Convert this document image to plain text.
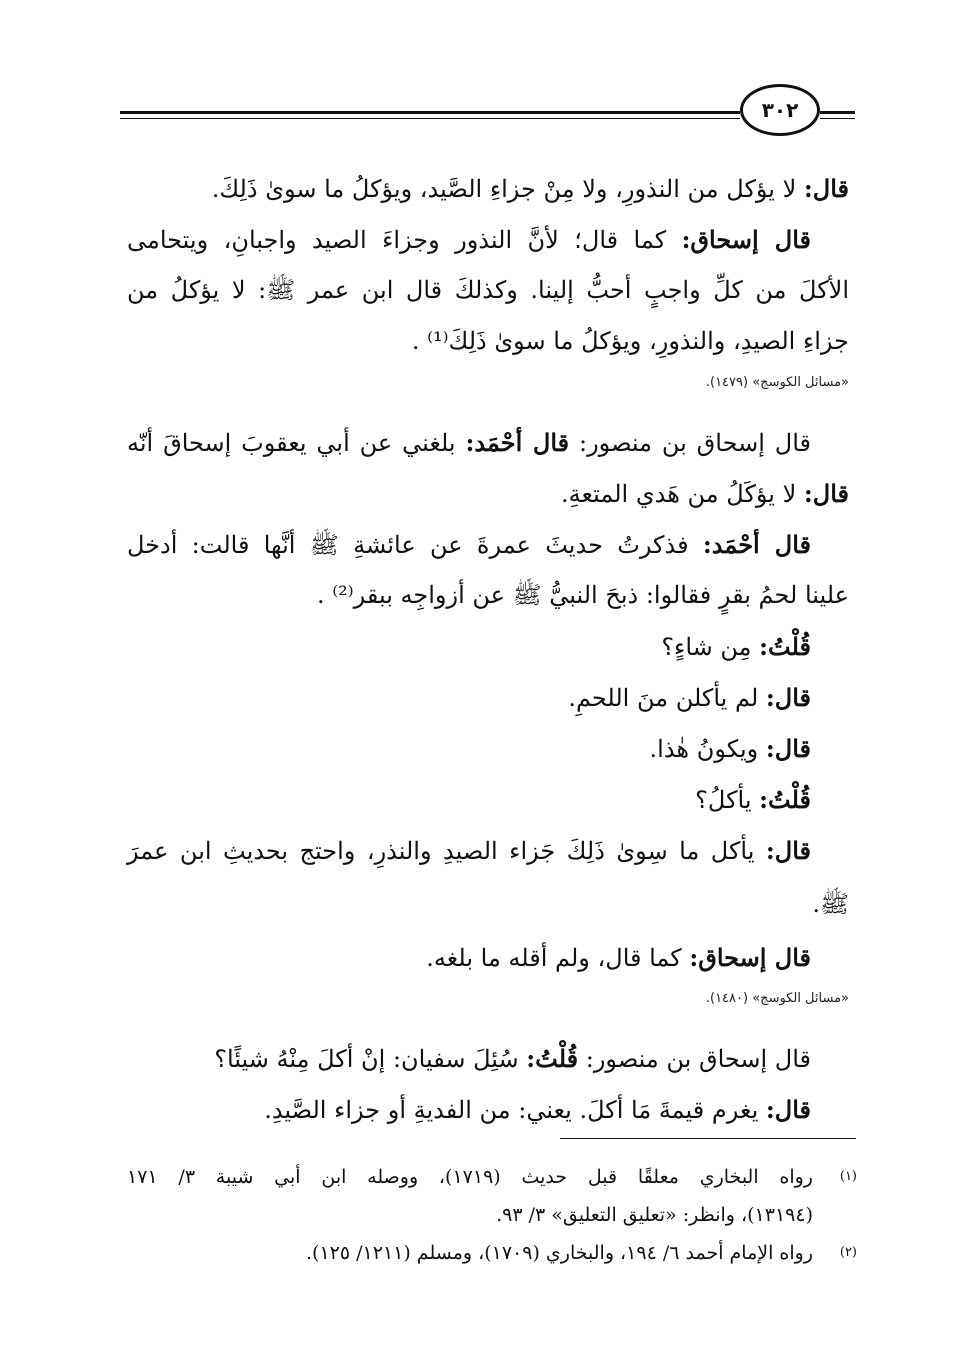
٣٠٢
قال: لا يؤكل من النذورِ، ولا مِنْ جزاءِ الصَّيد، ويؤكلُ ما سوىٰ ذَلِكَ.
قال إسحاق: كما قال؛ لأنَّ النذور وجزاءَ الصيد واجبانِ، ويتحامى
الأكلَ من كلِّ واجبٍ أحبُّ إلينا. وكذلكَ قال ابن عمر ﷺ: لا يؤكلُ من
جزاءِ الصيدِ، والنذورِ، ويؤكلُ ما سوىٰ ذَلِكَ⁽¹⁾ .
«مسائل الكوسج» (١٤٧٩).
قال إسحاق بن منصور: قال أحْمَد: بلغني عن أبي يعقوبَ إسحاقَ أنّه
قال: لا يؤكَلُ من هَدي المتعةِ.
قال أحْمَد: فذكرتُ حديثَ عمرةَ عن عائشةِ ﷺ أنَّها قالت: أدخل
علينا لحمُ بقرٍ فقالوا: ذبحَ النبيُّ ﷺ عن أزواجِه ببقر⁽²⁾ .
قُلْتُ: مِن شاءٍ؟
قال: لم يأكلن منَ اللحمِ.
قال: ويكونُ هٰذا.
قُلْتُ: يأكلُ؟
قال: يأكل ما سِوىٰ ذَلِكَ جَزاء الصيدِ والنذرِ، واحتج بحديثِ ابن عمرَ
ﷺ.
قال إسحاق: كما قال، ولم أقله ما بلغه.
«مسائل الكوسج» (١٤٨٠).
قال إسحاق بن منصور: قُلْتُ: سُئِلَ سفيان: إنْ أكلَ مِنْهُ شيئًا؟
قال: يغرم قيمةَ مَا أكلَ. يعني: من الفديةِ أو جزاء الصَّيدِ.
(١)
رواه البخاري معلقًا قبل حديث (١٧١٩)، ووصله ابن أبي شيبة ٣/ ١٧١
(١٣١٩٤)، وانظر: «تعليق التعليق» ٣/ ٩٣.
(٢)
رواه الإمام أحمد ٦/ ١٩٤، والبخاري (١٧٠٩)، ومسلم (١٢١١/ ١٢٥).
